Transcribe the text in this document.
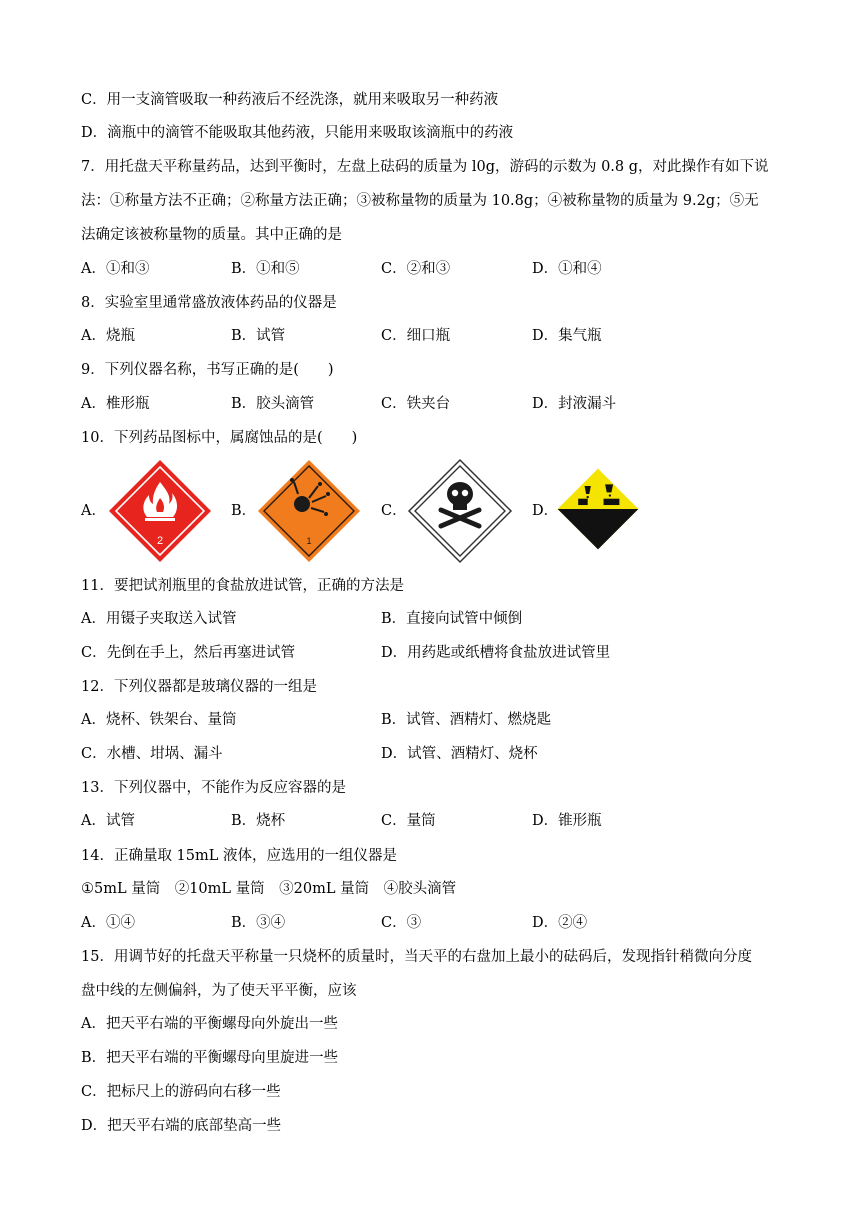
C．用一支滴管吸取一种药液后不经洗涤，就用来吸取另一种药液
D．滴瓶中的滴管不能吸取其他药液，只能用来吸取该滴瓶中的药液
7．用托盘天平称量药品，达到平衡时，左盘上砝码的质量为 l0g，游码的示数为 0.8 g，对此操作有如下说
法：①称量方法不正确；②称量方法正确；③被称量物的质量为 10.8g；④被称量物的质量为 9.2g；⑤无
法确定该被称量物的质量。其中正确的是
A．①和③	B．①和⑤	C．②和③	D．①和④
8．实验室里通常盛放液体药品的仪器是
A．烧瓶	B．试管	C．细口瓶	D．集气瓶
9．下列仪器名称，书写正确的是(　　)
A．椎形瓶	B．胶头滴管	C．铁夹台	D．封液漏斗
10．下列药品图标中，属腐蚀品的是(　　)
A．
2
B．
1
C．	D．
11．要把试剂瓶里的食盐放进试管，正确的方法是
A．用镊子夹取送入试管	B．直接向试管中倾倒
C．先倒在手上，然后再塞进试管	D．用药匙或纸槽将食盐放进试管里
12．下列仪器都是玻璃仪器的一组是
A．烧杯、铁架台、量筒	B．试管、酒精灯、燃烧匙
C．水槽、坩埚、漏斗	D．试管、酒精灯、烧杯
13．下列仪器中，不能作为反应容器的是
A．试管	B．烧杯	C．量筒	D．锥形瓶
14．正确量取 15mL 液体，应选用的一组仪器是
①5mL 量筒　②10mL 量筒　③20mL 量筒　④胶头滴管
A．①④	B．③④	C．③	D．②④
15．用调节好的托盘天平称量一只烧杯的质量时，当天平的右盘加上最小的砝码后，发现指针稍微向分度
盘中线的左侧偏斜，为了使天平平衡，应该
A．把天平右端的平衡螺母向外旋出一些
B．把天平右端的平衡螺母向里旋进一些
C．把标尺上的游码向右移一些
D．把天平右端的底部垫高一些
